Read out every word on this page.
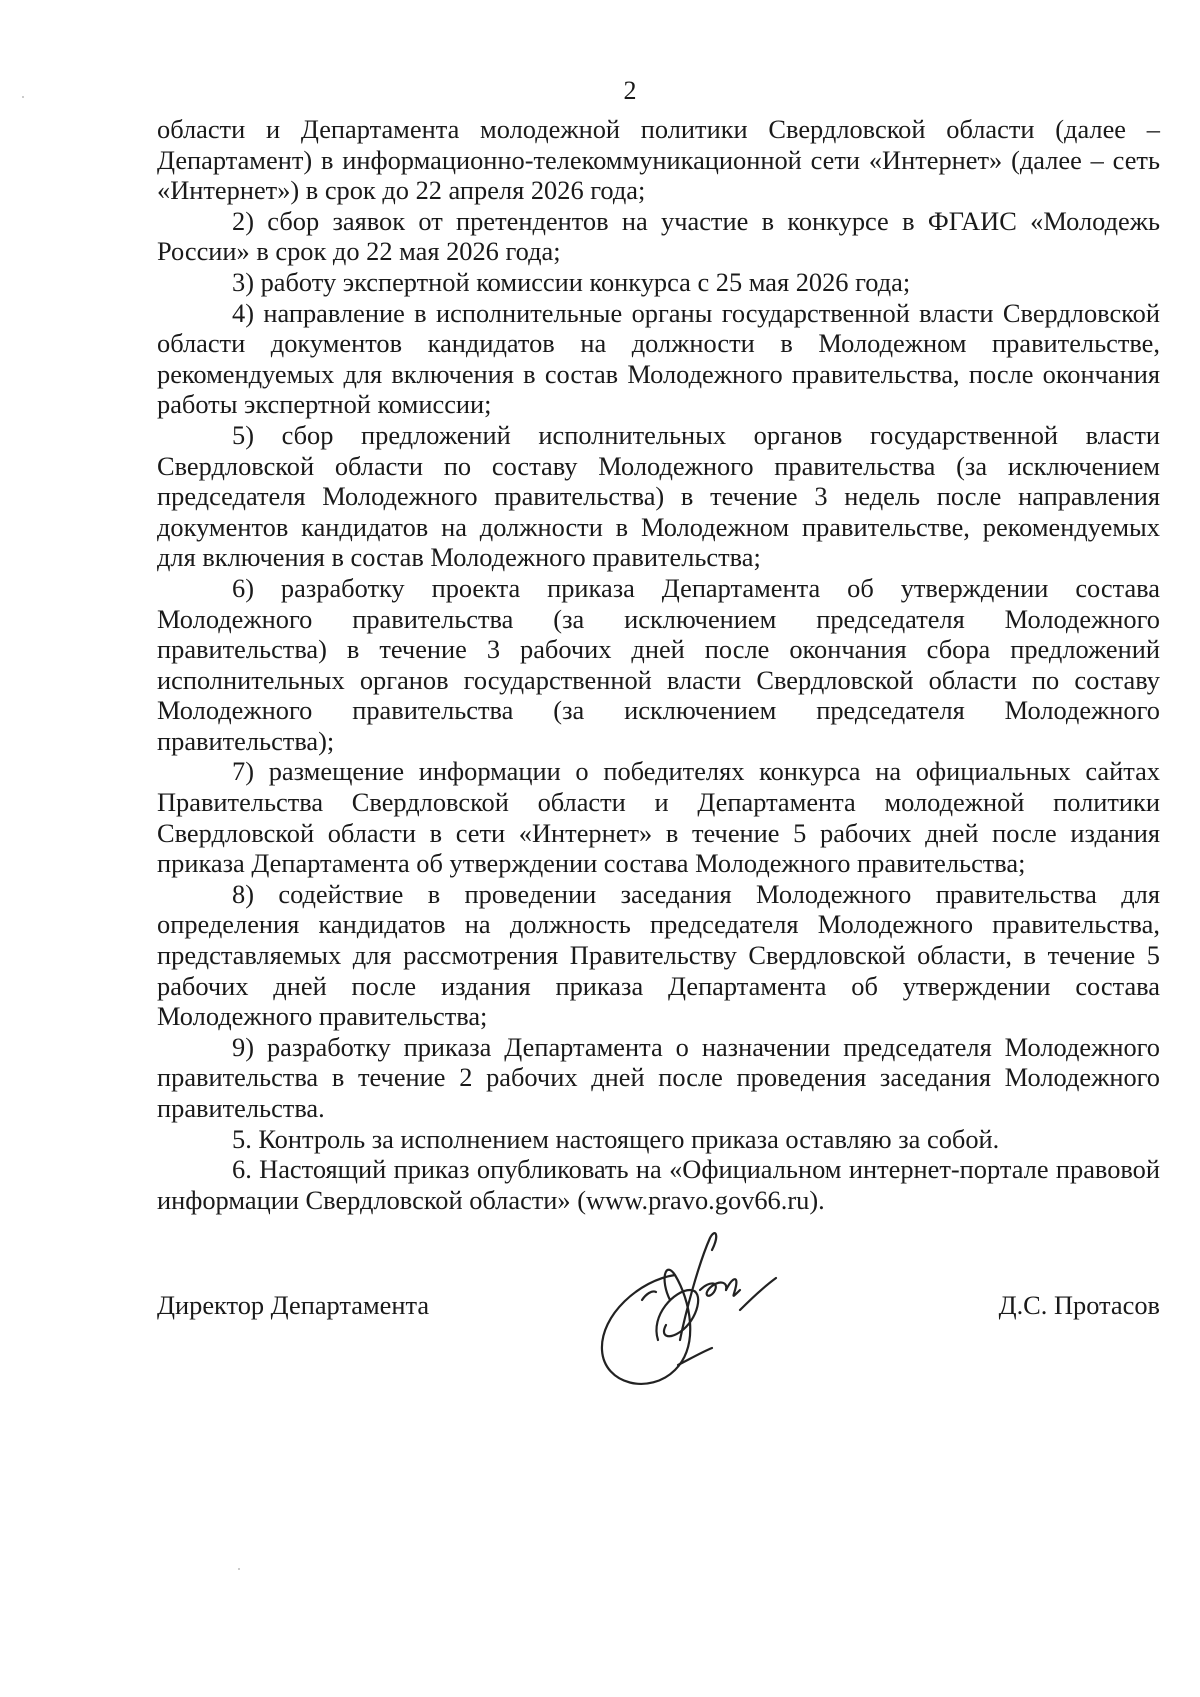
2

области и Департамента молодежной политики Свердловской области (далее – Департамент) в информационно-телекоммуникационной сети «Интернет» (далее – сеть «Интернет») в срок до 22 апреля 2026 года;

2) сбор заявок от претендентов на участие в конкурсе в ФГАИС «Молодежь России» в срок до 22 мая 2026 года;

3) работу экспертной комиссии конкурса с 25 мая 2026 года;

4) направление в исполнительные органы государственной власти Свердловской области документов кандидатов на должности в Молодежном правительстве, рекомендуемых для включения в состав Молодежного правительства, после окончания работы экспертной комиссии;

5) сбор предложений исполнительных органов государственной власти Свердловской области по составу Молодежного правительства (за исключением председателя Молодежного правительства) в течение 3 недель после направления документов кандидатов на должности в Молодежном правительстве, рекомендуемых для включения в состав Молодежного правительства;

6) разработку проекта приказа Департамента об утверждении состава Молодежного правительства (за исключением председателя Молодежного правительства) в течение 3 рабочих дней после окончания сбора предложений исполнительных органов государственной власти Свердловской области по составу Молодежного правительства (за исключением председателя Молодежного правительства);

7) размещение информации о победителях конкурса на официальных сайтах Правительства Свердловской области и Департамента молодежной политики Свердловской области в сети «Интернет» в течение 5 рабочих дней после издания приказа Департамента об утверждении состава Молодежного правительства;

8) содействие в проведении заседания Молодежного правительства для определения кандидатов на должность председателя Молодежного правительства, представляемых для рассмотрения Правительству Свердловской области, в течение 5 рабочих дней после издания приказа Департамента об утверждении состава Молодежного правительства;

9) разработку приказа Департамента о назначении председателя Молодежного правительства в течение 2 рабочих дней после проведения заседания Молодежного правительства.

5. Контроль за исполнением настоящего приказа оставляю за собой.

6. Настоящий приказ опубликовать на «Официальном интернет-портале правовой информации Свердловской области» (www.pravo.gov66.ru).

Директор Департамента	Д.С. Протасов
